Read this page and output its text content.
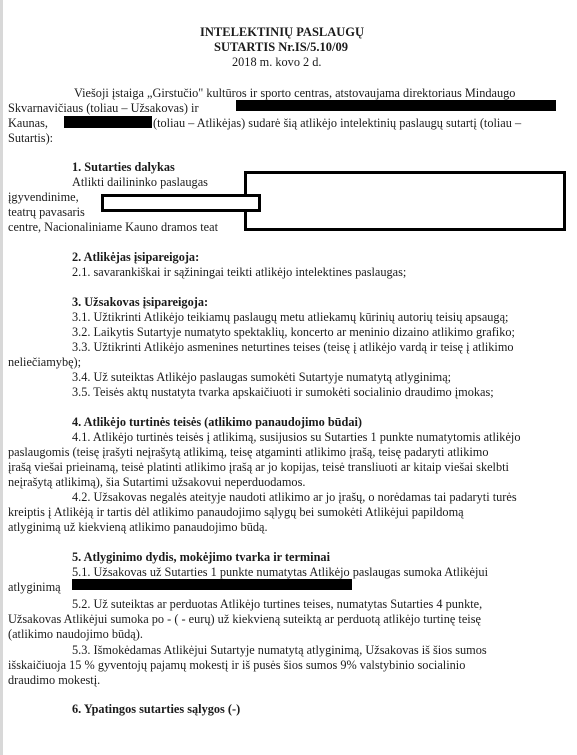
INTELEKTINIŲ PASLAUGŲ
SUTARTIS Nr.IS/5.10/09
2018 m. kovo 2 d.
Viešoji įstaiga „Girstučio" kultūros ir sporto centras, atstovaujama direktoriaus Mindaugo
Skvarnavičiaus (toliau – Užsakovas) ir
Kaunas,	(toliau – Atlikėjas) sudarė šią atlikėjo intelektinių paslaugų sutartį (toliau –
Sutartis):
1. Sutarties dalykas
Atlikti dailininko paslaugas
įgyvendinime,
teatrų pavasaris
centre, Nacionaliniame Kauno dramos teat
2. Atlikėjas įsipareigoja:
2.1. savarankiškai ir sąžiningai teikti atlikėjo intelektines paslaugas;
3. Užsakovas įsipareigoja:
3.1. Užtikrinti Atlikėjo teikiamų paslaugų metu atliekamų kūrinių autorių teisių apsaugą;
3.2. Laikytis Sutartyje numatyto spektaklių, koncerto ar meninio dizaino atlikimo grafiko;
3.3. Užtikrinti Atlikėjo asmenines neturtines teises (teisę į atlikėjo vardą ir teisę į atlikimo
neliečiamybę);
3.4. Už suteiktas Atlikėjo paslaugas sumokėti Sutartyje numatytą atlyginimą;
3.5. Teisės aktų nustatyta tvarka apskaičiuoti ir sumokėti socialinio draudimo įmokas;
4. Atlikėjo turtinės teisės (atlikimo panaudojimo būdai)
4.1. Atlikėjo turtinės teisės į atlikimą, susijusios su Sutarties 1 punkte numatytomis atlikėjo
paslaugomis (teisę įrašyti neįrašytą atlikimą, teisę atgaminti atlikimo įrašą, teisę padaryti atlikimo
įrašą viešai prieinamą, teisė platinti atlikimo įrašą ar jo kopijas, teisė transliuoti ar kitaip viešai skelbti
neįrašytą atlikimą), šia Sutartimi užsakovui neperduodamos.
4.2. Užsakovas negalės ateityje naudoti atlikimo ar jo įrašų, o norėdamas tai padaryti turės
kreiptis į Atlikėją ir tartis dėl atlikimo panaudojimo sąlygų bei sumokėti Atlikėjui papildomą
atlyginimą už kiekvieną atlikimo panaudojimo būdą.
5. Atlyginimo dydis, mokėjimo tvarka ir terminai
5.1. Užsakovas už Sutarties 1 punkte numatytas Atlikėjo paslaugas sumoka Atlikėjui
atlyginimą
5.2. Už suteiktas ar perduotas Atlikėjo turtines teises, numatytas Sutarties 4 punkte,
Užsakovas Atlikėjui sumoka po - ( - eurų) už kiekvieną suteiktą ar perduotą atlikėjo turtinę teisę
(atlikimo naudojimo būdą).
5.3. Išmokėdamas Atlikėjui Sutartyje numatytą atlyginimą, Užsakovas iš šios sumos
išskaičiuoja 15 % gyventojų pajamų mokestį ir iš pusės šios sumos 9% valstybinio socialinio
draudimo mokestį.
6. Ypatingos sutarties sąlygos (-)
